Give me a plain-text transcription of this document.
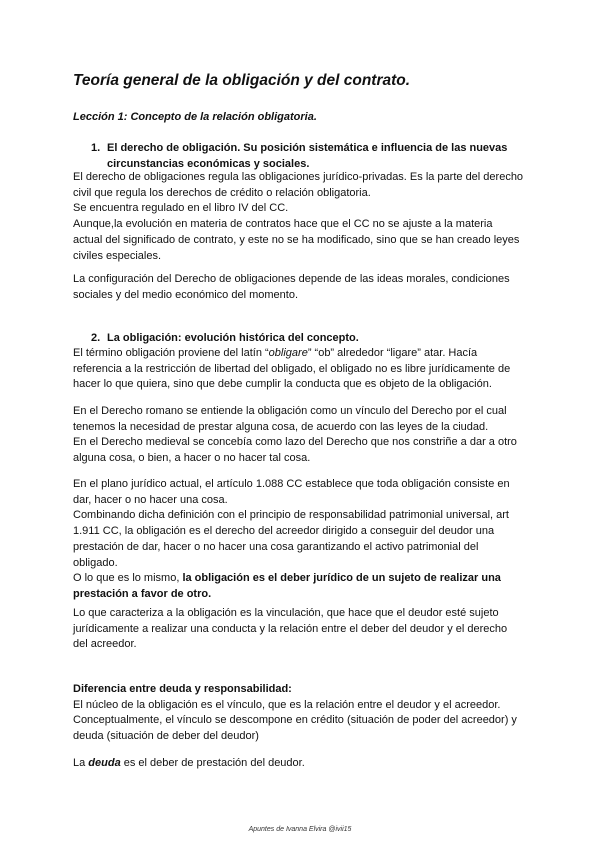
Teoría general de la obligación y del contrato.

Lección 1: Concepto de la relación obligatoria.

1. El derecho de obligación. Su posición sistemática e influencia de las nuevas
circunstancias económicas y sociales.
El derecho de obligaciones regula las obligaciones jurídico-privadas. Es la parte del derecho
civil que regula los derechos de crédito o relación obligatoria.
Se encuentra regulado en el libro IV del CC.
Aunque,la evolución en materia de contratos hace que el CC no se ajuste a la materia
actual del significado de contrato, y este no se ha modificado, sino que se han creado leyes
civiles especiales.
La configuración del Derecho de obligaciones depende de las ideas morales, condiciones
sociales y del medio económico del momento.
2. La obligación: evolución histórica del concepto.
El término obligación proviene del latín “obligare” “ob” alrededor “ligare” atar. Hacía
referencia a la restricción de libertad del obligado, el obligado no es libre jurídicamente de
hacer lo que quiera, sino que debe cumplir la conducta que es objeto de la obligación.
En el Derecho romano se entiende la obligación como un vínculo del Derecho por el cual
tenemos la necesidad de prestar alguna cosa, de acuerdo con las leyes de la ciudad.
En el Derecho medieval se concebía como lazo del Derecho que nos constriñe a dar a otro
alguna cosa, o bien, a hacer o no hacer tal cosa.
En el plano jurídico actual, el artículo 1.088 CC establece que toda obligación consiste en
dar, hacer o no hacer una cosa.
Combinando dicha definición con el principio de responsabilidad patrimonial universal, art
1.911 CC, la obligación es el derecho del acreedor dirigido a conseguir del deudor una
prestación de dar, hacer o no hacer una cosa garantizando el activo patrimonial del
obligado.
O lo que es lo mismo, la obligación es el deber jurídico de un sujeto de realizar una
prestación a favor de otro.
Lo que caracteriza a la obligación es la vinculación, que hace que el deudor esté sujeto
jurídicamente a realizar una conducta y la relación entre el deber del deudor y el derecho
del acreedor.
Diferencia entre deuda y responsabilidad:
El núcleo de la obligación es el vínculo, que es la relación entre el deudor y el acreedor.
Conceptualmente, el vínculo se descompone en crédito (situación de poder del acreedor) y
deuda (situación de deber del deudor)
La deuda es el deber de prestación del deudor.

Apuntes de Ivanna Elvira @ivii15
